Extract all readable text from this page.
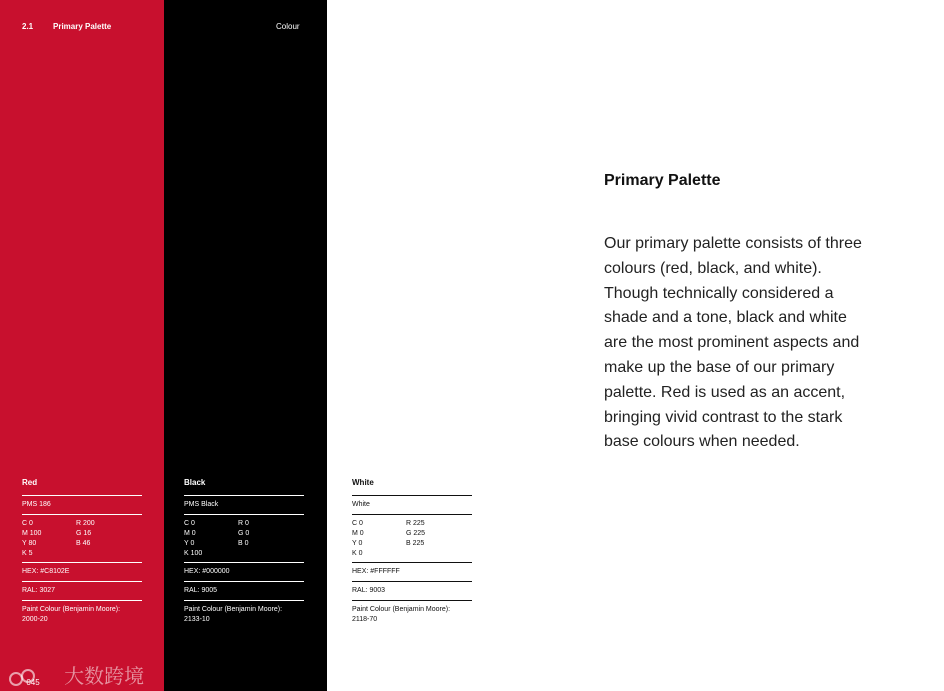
2.1 Primary Palette	Colour
Red
PMS 186
C 0	R 200
M 100	G 16
Y 80	B 46
K 5
HEX: #C8102E
RAL: 3027
Paint Colour (Benjamin Moore):
2000-20
Black
PMS Black
C 0	R 0
M 0	G 0
Y 0	B 0
K 100
HEX: #000000
RAL: 9005
Paint Colour (Benjamin Moore):
2133-10
White
White
C 0	R 225
M 0	G 225
Y 0	B 225
K 0
HEX: #FFFFFF
RAL: 9003
Paint Colour (Benjamin Moore):
2118-70
Primary Palette
Our primary palette consists of three colours (red, black, and white). Though technically considered a shade and a tone, black and white are the most prominent aspects and make up the base of our primary palette. Red is used as an accent, bringing vivid contrast to the stark base colours when needed.
045 大数跨境
